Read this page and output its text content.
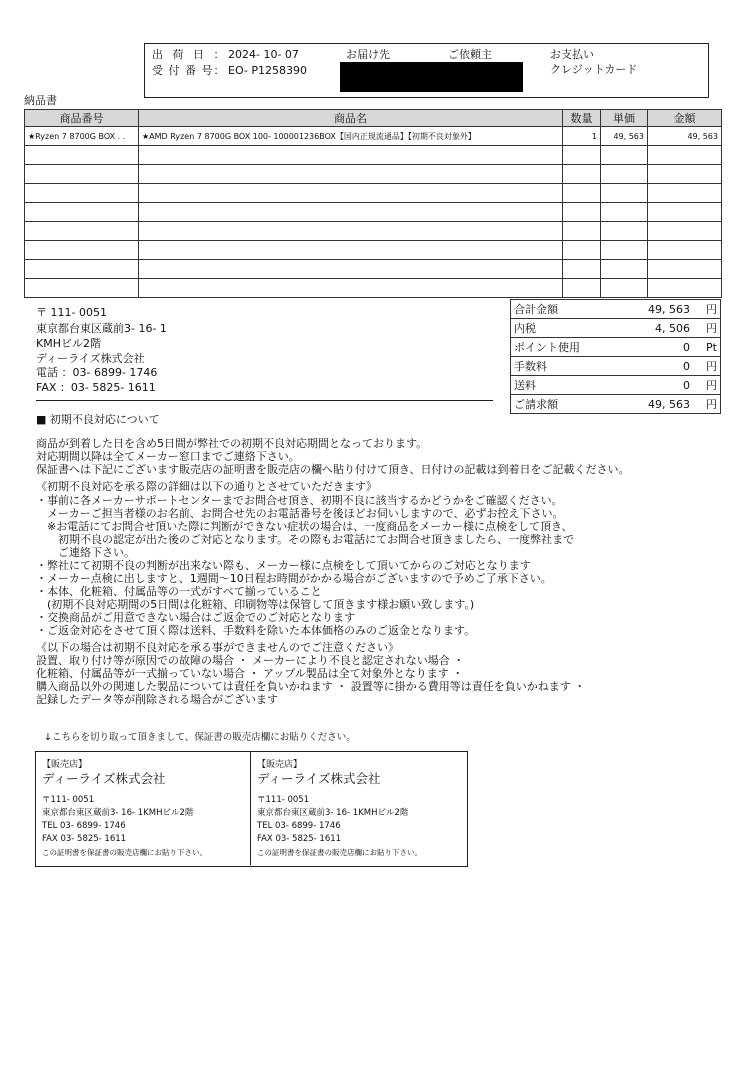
出 荷 日 ： 2024- 10- 07
受 付 番 号： EO- P1258390
お届け先	ご依頼主	お支払い
クレジットカード
納品書
商品番号	商品名	数量	単価	金額
★Ryzen 7 8700G BOX . .	★AMD Ryzen 7 8700G BOX 100- 100001236BOX【国内正規流通品】【初期不良対象外】	1	49, 563	49, 563

〒 111- 0051
東京都台東区蔵前3- 16- 1
KMHビル2階
ディーライズ株式会社
電話 ：03- 6899- 1746
FAX ：03- 5825- 1611
合計金額	49, 563	円
内税	4, 506	円
ポイント使用	0	Pt
手数料	0	円
送料	0	円
ご請求額	49, 563	円
■ 初期不良対応について
商品が到着した日を含め5日間が弊社での初期不良対応期間となっております。
対応期間以降は全てメーカー窓口までご連絡下さい。
保証書へは下記にございます販売店の証明書を販売店の欄へ貼り付けて頂き、日付けの記載は到着日をご記載ください。
《初期不良対応を承る際の詳細は以下の通りとさせていただきます》
・事前に各メーカーサポートセンターまでお問合せ頂き、初期不良に該当するかどうかをご確認ください。
　メーカーご担当者様のお名前、お問合せ先のお電話番号を後ほどお伺いしますので、必ずお控え下さい。
　※お電話にてお問合せ頂いた際に判断ができない症状の場合は、一度商品をメーカー様に点検をして頂き、
　　初期不良の認定が出た後のご対応となります。その際もお電話にてお問合せ頂きましたら、一度弊社まで
　　ご連絡下さい。
・弊社にて初期不良の判断が出来ない際も、メーカー様に点検をして頂いてからのご対応となります
・メーカー点検に出しますと、1週間～10日程お時間がかかる場合がございますので予めご了承下さい。
・本体、化粧箱、付属品等の一式がすべて揃っていること
　(初期不良対応期間の5日間は化粧箱、印刷物等は保管して頂きます様お願い致します。)
・交換商品がご用意できない場合はご返金でのご対応となります
・ご返金対応をさせて頂く際は送料、手数料を除いた本体価格のみのご返金となります。
《以下の場合は初期不良対応を承る事ができませんのでご注意ください》
設置、取り付け等が原因での故障の場合 ・ メーカーにより不良と認定されない場合 ・
化粧箱、付属品等が一式揃っていない場合 ・ アップル製品は全て対象外となります ・
購入商品以外の関連した製品については責任を負いかねます ・ 設置等に掛かる費用等は責任を負いかねます ・
記録したデータ等が削除される場合がございます
↓こちらを切り取って頂きまして、保証書の販売店欄にお貼りください。
【販売店】
ディーライズ株式会社
〒111- 0051
東京都台東区蔵前3- 16- 1KMHビル2階
TEL 03- 6899- 1746
FAX 03- 5825- 1611
この証明書を保証書の販売店欄にお貼り下さい。
【販売店】
ディーライズ株式会社
〒111- 0051
東京都台東区蔵前3- 16- 1KMHビル2階
TEL 03- 6899- 1746
FAX 03- 5825- 1611
この証明書を保証書の販売店欄にお貼り下さい。
